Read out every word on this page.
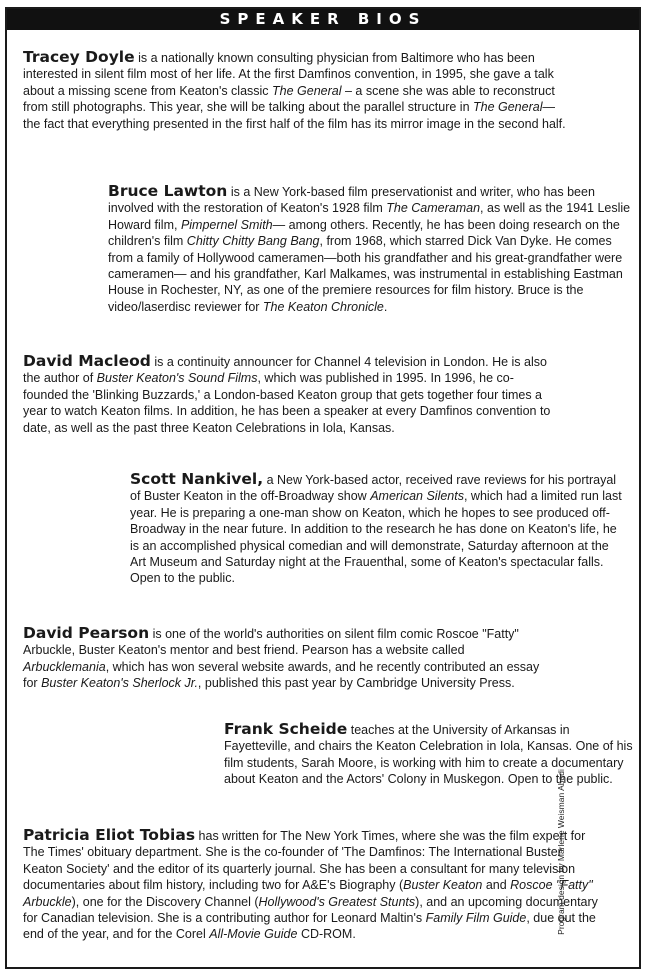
SPEAKER BIOS
Tracey Doyle is a nationally known consulting physician from Baltimore who has been interested in silent film most of her life. At the first Damfinos convention, in 1995, she gave a talk about a missing scene from Keaton's classic The General – a scene she was able to reconstruct from still photographs. This year, she will be talking about the parallel structure in The General— the fact that everything presented in the first half of the film has its mirror image in the second half.
Bruce Lawton is a New York-based film preservationist and writer, who has been involved with the restoration of Keaton's 1928 film The Cameraman, as well as the 1941 Leslie Howard film, Pimpernel Smith— among others. Recently, he has been doing research on the children's film Chitty Chitty Bang Bang, from 1968, which starred Dick Van Dyke. He comes from a family of Hollywood cameramen—both his grandfather and his great-grandfather were cameramen— and his grandfather, Karl Malkames, was instrumental in establishing Eastman House in Rochester, NY, as one of the premiere resources for film history. Bruce is the video/laserdisc reviewer for The Keaton Chronicle.
David Macleod is a continuity announcer for Channel 4 television in London. He is also the author of Buster Keaton's Sound Films, which was published in 1995. In 1996, he co-founded the 'Blinking Buzzards,' a London-based Keaton group that gets together four times a year to watch Keaton films. In addition, he has been a speaker at every Damfinos convention to date, as well as the past three Keaton Celebrations in Iola, Kansas.
Scott Nankivel, a New York-based actor, received rave reviews for his portrayal of Buster Keaton in the off-Broadway show American Silents, which had a limited run last year. He is preparing a one-man show on Keaton, which he hopes to see produced off-Broadway in the near future. In addition to the research he has done on Keaton's life, he is an accomplished physical comedian and will demonstrate, Saturday afternoon at the Art Museum and Saturday night at the Frauenthal, some of Keaton's spectacular falls. Open to the public.
David Pearson is one of the world's authorities on silent film comic Roscoe "Fatty" Arbuckle, Buster Keaton's mentor and best friend. Pearson has a website called Arbucklemania, which has won several website awards, and he recently contributed an essay for Buster Keaton's Sherlock Jr., published this past year by Cambridge University Press.
Frank Scheide teaches at the University of Arkansas in Fayetteville, and chairs the Keaton Celebration in Iola, Kansas. One of his film students, Sarah Moore, is working with him to create a documentary about Keaton and the Actors' Colony in Muskegon. Open to the public.
Patricia Eliot Tobias has written for The New York Times, where she was the film expert for The Times' obituary department. She is the co-founder of 'The Damfinos: The International Buster Keaton Society' and the editor of its quarterly journal. She has been a consultant for many television documentaries about film history, including two for A&E's Biography (Buster Keaton and Roscoe "Fatty" Arbuckle), one for the Discovery Channel (Hollywood's Greatest Stunts), and an upcoming documentary for Canadian television. She is a contributing author for Leonard Maltin's Family Film Guide, due out the end of the year, and for the Corel All-Movie Guide CD-ROM.	Program design by Marlene Weisman Abadi
